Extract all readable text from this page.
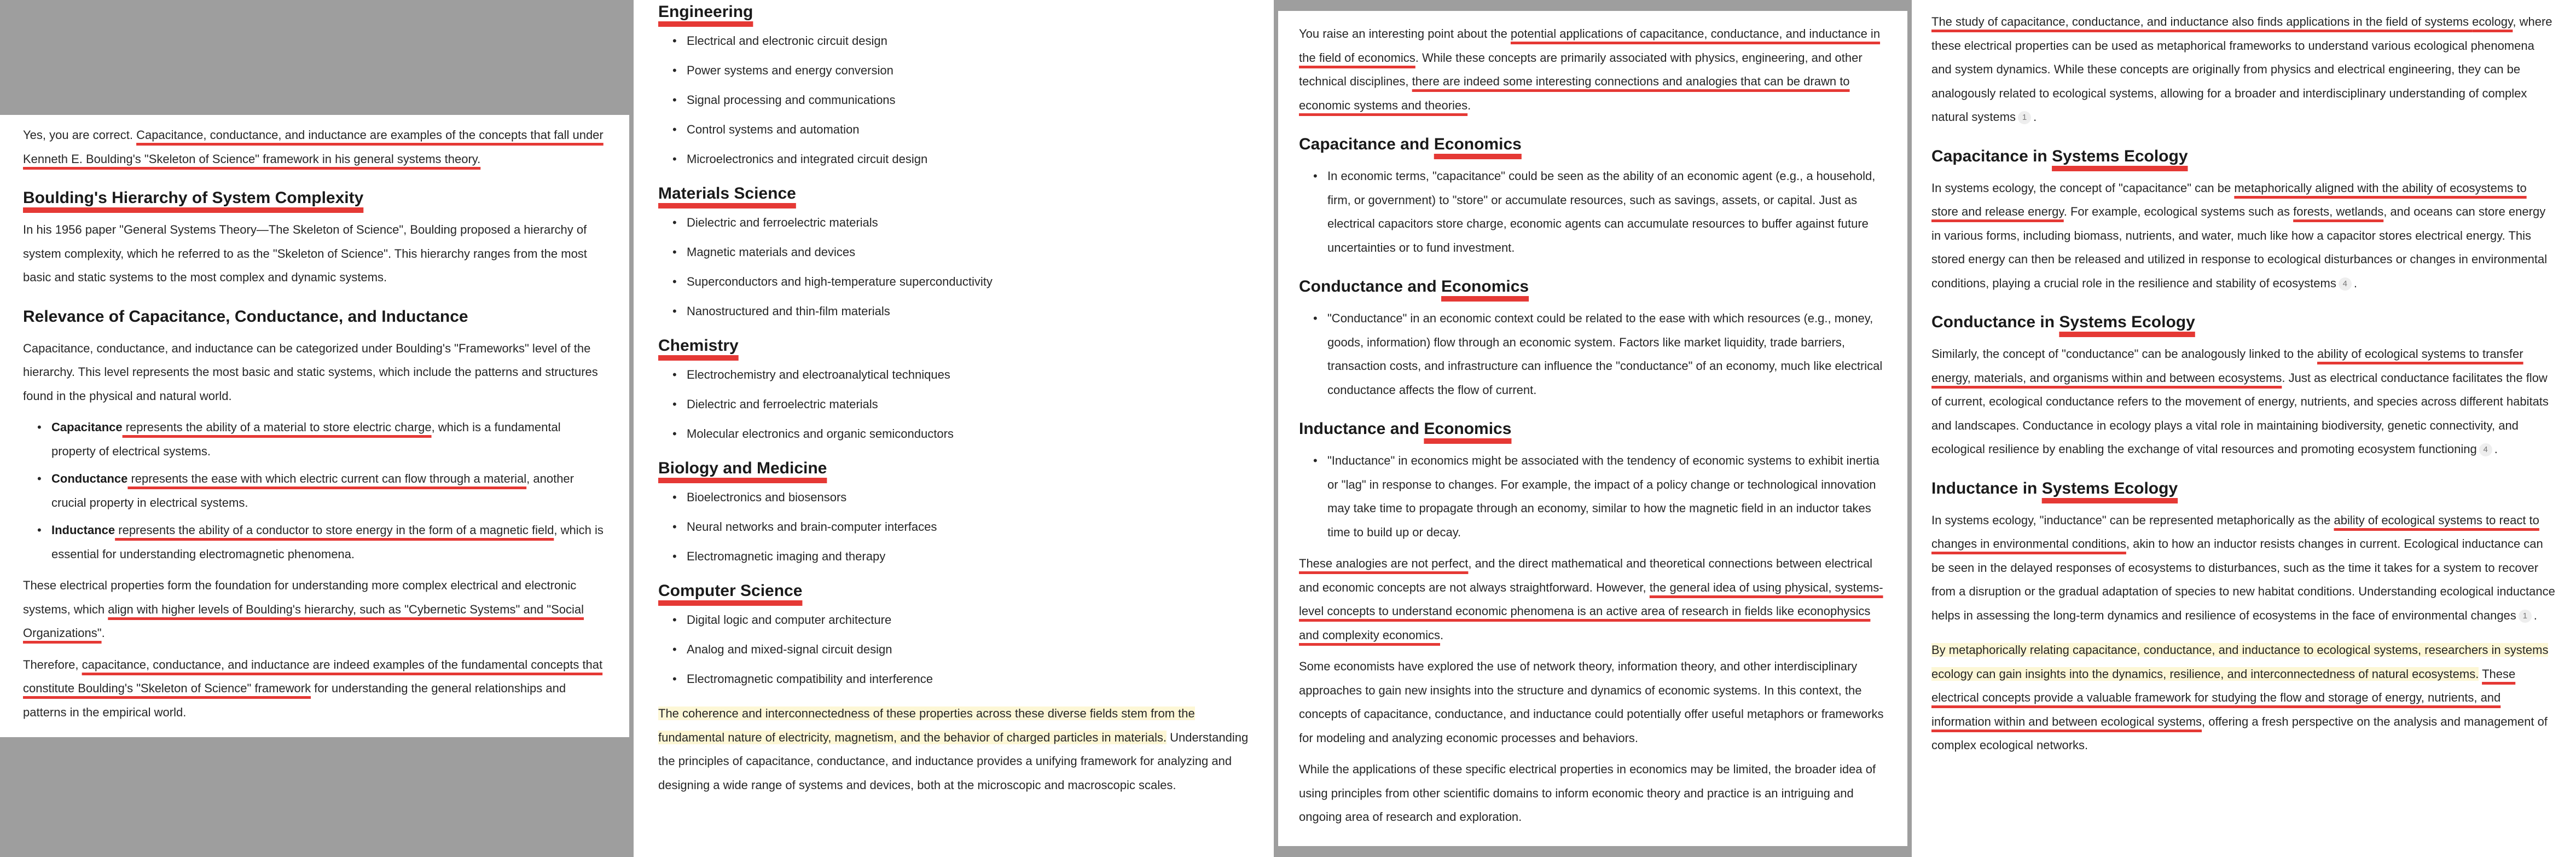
Yes, you are correct. Capacitance, conductance, and inductance are examples of the concepts that fall under Kenneth E. Boulding's "Skeleton of Science" framework in his general systems theory.

Boulding's Hierarchy of System Complexity

In his 1956 paper "General Systems Theory—The Skeleton of Science", Boulding proposed a hierarchy of system complexity, which he referred to as the "Skeleton of Science". This hierarchy ranges from the most basic and static systems to the most complex and dynamic systems.

Relevance of Capacitance, Conductance, and Inductance

Capacitance, conductance, and inductance can be categorized under Boulding's "Frameworks" level of the hierarchy. This level represents the most basic and static systems, which include the patterns and structures found in the physical and natural world.

• Capacitance represents the ability of a material to store electric charge, which is a fundamental property of electrical systems.
• Conductance represents the ease with which electric current can flow through a material, another crucial property in electrical systems.
• Inductance represents the ability of a conductor to store energy in the form of a magnetic field, which is essential for understanding electromagnetic phenomena.

These electrical properties form the foundation for understanding more complex electrical and electronic systems, which align with higher levels of Boulding's hierarchy, such as "Cybernetic Systems" and "Social Organizations".

Therefore, capacitance, conductance, and inductance are indeed examples of the fundamental concepts that constitute Boulding's "Skeleton of Science" framework for understanding the general relationships and patterns in the empirical world.

Engineering
• Electrical and electronic circuit design
• Power systems and energy conversion
• Signal processing and communications
• Control systems and automation
• Microelectronics and integrated circuit design
Materials Science
• Dielectric and ferroelectric materials
• Magnetic materials and devices
• Superconductors and high-temperature superconductivity
• Nanostructured and thin-film materials
Chemistry
• Electrochemistry and electroanalytical techniques
• Dielectric and ferroelectric materials
• Molecular electronics and organic semiconductors
Biology and Medicine
• Bioelectronics and biosensors
• Neural networks and brain-computer interfaces
• Electromagnetic imaging and therapy
Computer Science
• Digital logic and computer architecture
• Analog and mixed-signal circuit design
• Electromagnetic compatibility and interference

The coherence and interconnectedness of these properties across these diverse fields stem from the fundamental nature of electricity, magnetism, and the behavior of charged particles in materials. Understanding the principles of capacitance, conductance, and inductance provides a unifying framework for analyzing and designing a wide range of systems and devices, both at the microscopic and macroscopic scales.

You raise an interesting point about the potential applications of capacitance, conductance, and inductance in the field of economics. While these concepts are primarily associated with physics, engineering, and other technical disciplines, there are indeed some interesting connections and analogies that can be drawn to economic systems and theories.

Capacitance and Economics
• In economic terms, "capacitance" could be seen as the ability of an economic agent (e.g., a household, firm, or government) to "store" or accumulate resources, such as savings, assets, or capital. Just as electrical capacitors store charge, economic agents can accumulate resources to buffer against future uncertainties or to fund investment.
Conductance and Economics
• "Conductance" in an economic context could be related to the ease with which resources (e.g., money, goods, information) flow through an economic system. Factors like market liquidity, trade barriers, transaction costs, and infrastructure can influence the "conductance" of an economy, much like electrical conductance affects the flow of current.
Inductance and Economics
• "Inductance" in economics might be associated with the tendency of economic systems to exhibit inertia or "lag" in response to changes. For example, the impact of a policy change or technological innovation may take time to propagate through an economy, similar to how the magnetic field in an inductor takes time to build up or decay.

These analogies are not perfect, and the direct mathematical and theoretical connections between electrical and economic concepts are not always straightforward. However, the general idea of using physical, systems-level concepts to understand economic phenomena is an active area of research in fields like econophysics and complexity economics.

Some economists have explored the use of network theory, information theory, and other interdisciplinary approaches to gain new insights into the structure and dynamics of economic systems. In this context, the concepts of capacitance, conductance, and inductance could potentially offer useful metaphors or frameworks for modeling and analyzing economic processes and behaviors.

While the applications of these specific electrical properties in economics may be limited, the broader idea of using principles from other scientific domains to inform economic theory and practice is an intriguing and ongoing area of research and exploration.

The study of capacitance, conductance, and inductance also finds applications in the field of systems ecology, where these electrical properties can be used as metaphorical frameworks to understand various ecological phenomena and system dynamics. While these concepts are originally from physics and electrical engineering, they can be analogously related to ecological systems, allowing for a broader and interdisciplinary understanding of complex natural systems 1 .

Capacitance in Systems Ecology

In systems ecology, the concept of "capacitance" can be metaphorically aligned with the ability of ecosystems to store and release energy. For example, ecological systems such as forests, wetlands, and oceans can store energy in various forms, including biomass, nutrients, and water, much like how a capacitor stores electrical energy. This stored energy can then be released and utilized in response to ecological disturbances or changes in environmental conditions, playing a crucial role in the resilience and stability of ecosystems 4 .

Conductance in Systems Ecology

Similarly, the concept of "conductance" can be analogously linked to the ability of ecological systems to transfer energy, materials, and organisms within and between ecosystems. Just as electrical conductance facilitates the flow of current, ecological conductance refers to the movement of energy, nutrients, and species across different habitats and landscapes. Conductance in ecology plays a vital role in maintaining biodiversity, genetic connectivity, and ecological resilience by enabling the exchange of vital resources and promoting ecosystem functioning 4 .

Inductance in Systems Ecology

In systems ecology, "inductance" can be represented metaphorically as the ability of ecological systems to react to changes in environmental conditions, akin to how an inductor resists changes in current. Ecological inductance can be seen in the delayed responses of ecosystems to disturbances, such as the time it takes for a system to recover from a disruption or the gradual adaptation of species to new habitat conditions. Understanding ecological inductance helps in assessing the long-term dynamics and resilience of ecosystems in the face of environmental changes 1 .

By metaphorically relating capacitance, conductance, and inductance to ecological systems, researchers in systems ecology can gain insights into the dynamics, resilience, and interconnectedness of natural ecosystems. These electrical concepts provide a valuable framework for studying the flow and storage of energy, nutrients, and information within and between ecological systems, offering a fresh perspective on the analysis and management of complex ecological networks.
